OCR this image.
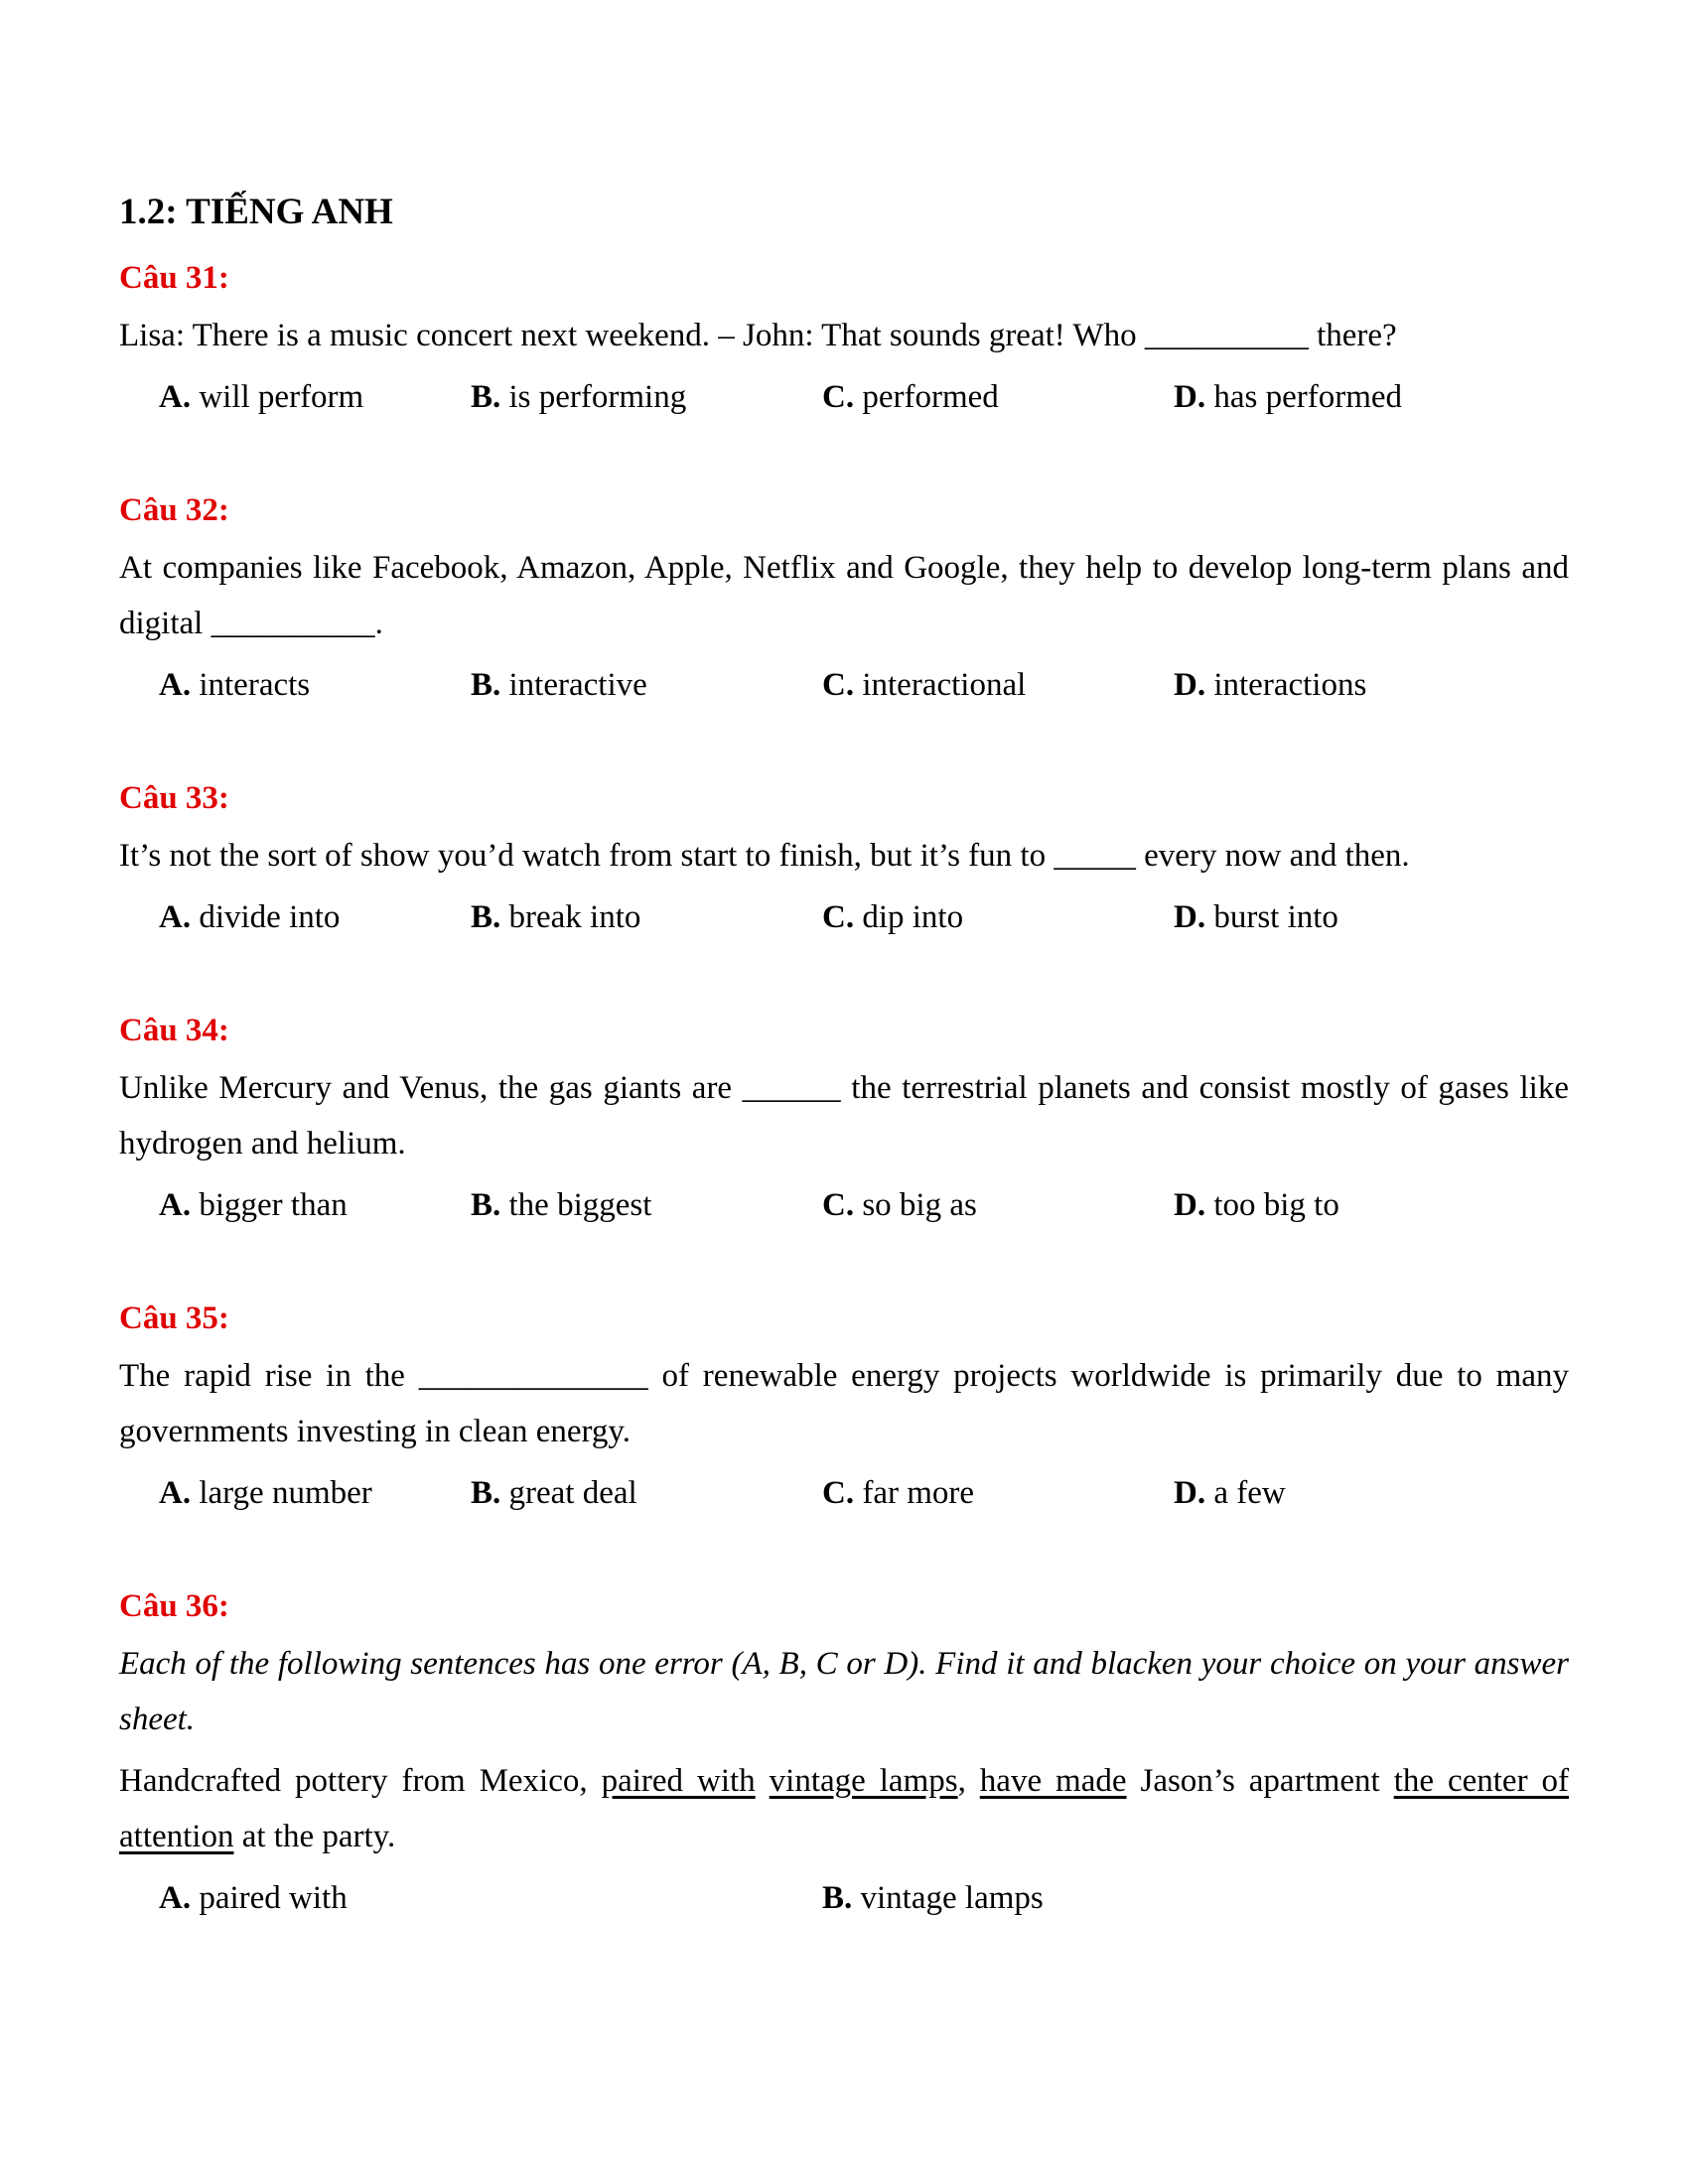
1.2: TIẾNG ANH
Câu 31:
Lisa: There is a music concert next weekend. – John: That sounds great! Who __________ there?
A. will perform	B. is performing	C. performed	D. has performed
Câu 32:
At companies like Facebook, Amazon, Apple, Netflix and Google, they help to develop long-term plans and digital __________.
A. interacts	B. interactive	C. interactional	D. interactions
Câu 33:
It’s not the sort of show you’d watch from start to finish, but it’s fun to _____ every now and then.
A. divide into	B. break into	C. dip into	D. burst into
Câu 34:
Unlike Mercury and Venus, the gas giants are ______ the terrestrial planets and consist mostly of gases like hydrogen and helium.
A. bigger than	B. the biggest	C. so big as	D. too big to
Câu 35:
The rapid rise in the ______________ of renewable energy projects worldwide is primarily due to many governments investing in clean energy.
A. large number	B. great deal	C. far more	D. a few
Câu 36:
Each of the following sentences has one error (A, B, C or D). Find it and blacken your choice on your answer sheet.
Handcrafted pottery from Mexico, paired with vintage lamps, have made Jason’s apartment the center of attention at the party.
A. paired with	B. vintage lamps
